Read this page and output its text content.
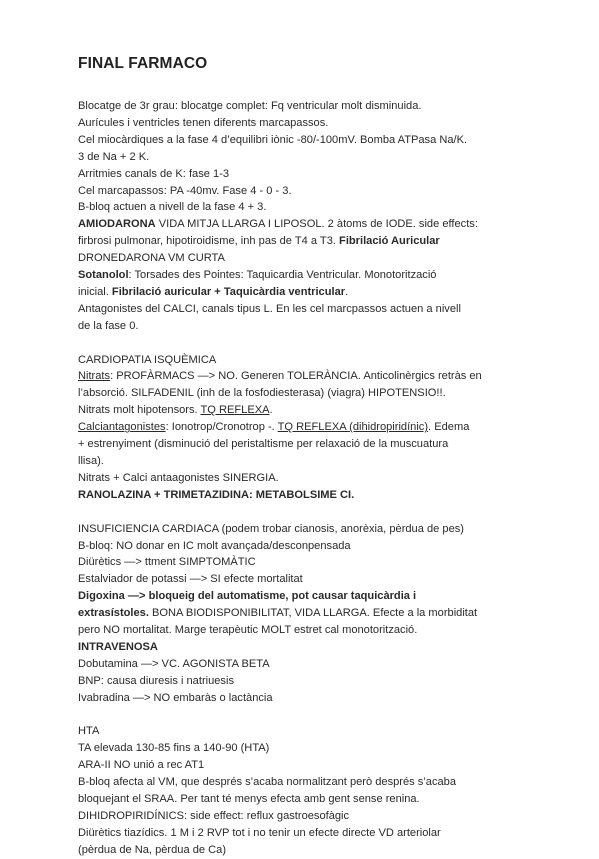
FINAL FARMACO
Blocatge de 3r grau: blocatge complet: Fq ventricular molt disminuida.
Aurícules i ventricles tenen diferents marcapassos.
Cel miocàrdiques a la fase 4 d’equilibri iònic -80/-100mV. Bomba ATPasa Na/K.
3 de Na + 2 K.
Arritmies canals de K: fase 1-3
Cel marcapassos: PA -40mv. Fase 4 - 0 - 3.
B-bloq actuen a nivell de la fase 4 + 3.
AMIODARONA VIDA MITJA LLARGA I LIPOSOL. 2 àtoms de IODE. side effects:
firbrosi pulmonar, hipotiroidisme, inh pas de T4 a T3. Fibrilació Auricular
DRONEDARONA VM CURTA
Sotanolol: Torsades des Pointes: Taquicardia Ventricular. Monotorització
inicial. Fibrilació auricular + Taquicàrdia ventricular.
Antagonistes del CALCI, canals tipus L. En les cel marcpassos actuen a nivell
de la fase 0.
CARDIOPATIA ISQUÈMICA
Nitrats: PROFÀRMACS —> NO. Generen TOLERÀNCIA. Anticolinèrgics retràs en
l’absorció. SILFADENIL (inh de la fosfodiesterasa) (viagra) HIPOTENSIO!!.
Nitrats molt hipotensors. TQ REFLEXA.
Calciantagonistes: Ionotrop/Cronotrop -. TQ REFLEXA (dihidropiridínic). Edema
+ estrenyiment (disminució del peristaltisme per relaxació de la muscuatura
llisa).
Nitrats + Calci antaagonistes SINERGIA.
RANOLAZINA + TRIMETAZIDINA: METABOLSIME CI.
INSUFICIENCIA CARDIACA (podem trobar cianosis, anorèxia, pèrdua de pes)
B-bloq: NO donar en IC molt avançada/desconpensada
Diürètics —> ttment SIMPTOMÀTIC
Estalviador de potassi —> SI efecte mortalitat
Digoxina —> bloqueig del automatisme, pot causar taquicàrdia i
extrasístoles. BONA BIODISPONIBILITAT, VIDA LLARGA. Efecte a la morbiditat
pero NO mortalitat. Marge terapèutic MOLT estret cal monotorització.
INTRAVENOSA
Dobutamina —> VC. AGONISTA BETA
BNP: causa diuresis i natriuesis
Ivabradina —> NO embaràs o lactància
HTA
TA elevada 130-85 fins a 140-90 (HTA)
ARA-II NO unió a rec AT1
B-bloq afecta al VM, que després s’acaba normalitzant però després s’acaba
bloquejant el SRAA. Per tant té menys efecta amb gent sense renina.
DIHIDROPIRIDÍNICS: side effect: reflux gastroesofàgic
Diürètics tiazídics. 1 M i 2 RVP tot i no tenir un efecte directe VD arteriolar
(pèrdua de Na, pèrdua de Ca)
